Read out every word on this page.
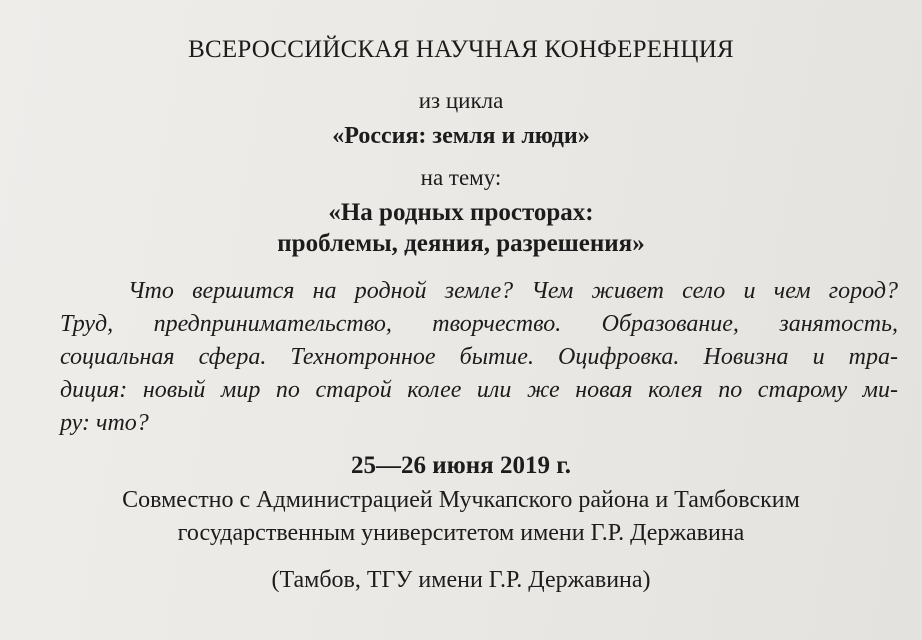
ВСЕРОССИЙСКАЯ НАУЧНАЯ КОНФЕРЕНЦИЯ
из цикла
«Россия: земля и люди»
на тему:
«На родных просторах:
проблемы, деяния, разрешения»
Что вершится на родной земле? Чем живет село и чем город?
Труд, предпринимательство, творчество. Образование, занятость,
социальная сфера. Технотронное бытие. Оцифровка. Новизна и тра-
диция: новый мир по старой колее или же новая колея по старому ми-
ру: что?
25—26 июня 2019 г.
Совместно с Администрацией Мучкапского района и Тамбовским
государственным университетом имени Г.Р. Державина
(Тамбов, ТГУ имени Г.Р. Державина)
